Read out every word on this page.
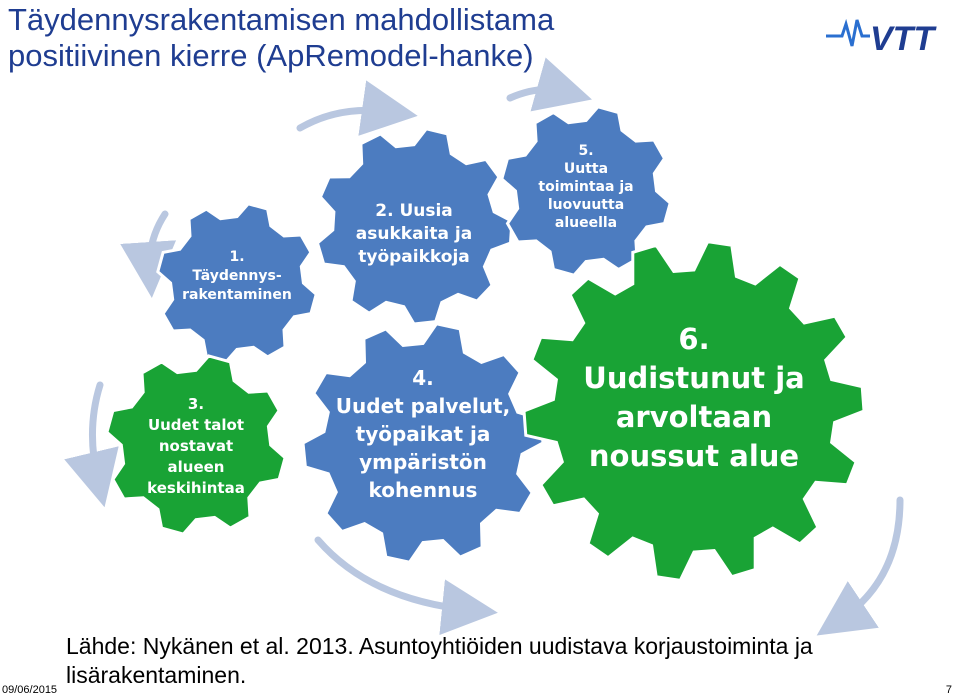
Täydennysrakentamisen mahdollistama
positiivinen kierre (ApRemodel-hanke)	VTT
1.
Täydennys-
rakentaminen
2. Uusia
asukkaita ja
työpaikkoja
3.
Uudet talot
nostavat
alueen
keskihintaa
4.
Uudet palvelut,
työpaikat ja
ympäristön
kohennus
5.
Uutta
toimintaa ja
luovuutta
alueella
6.
Uudistunut ja
arvoltaan
noussut alue
Lähde: Nykänen et al. 2013. Asuntoyhtiöiden uudistava korjaustoiminta ja
lisärakentaminen.
09/06/2015	7
